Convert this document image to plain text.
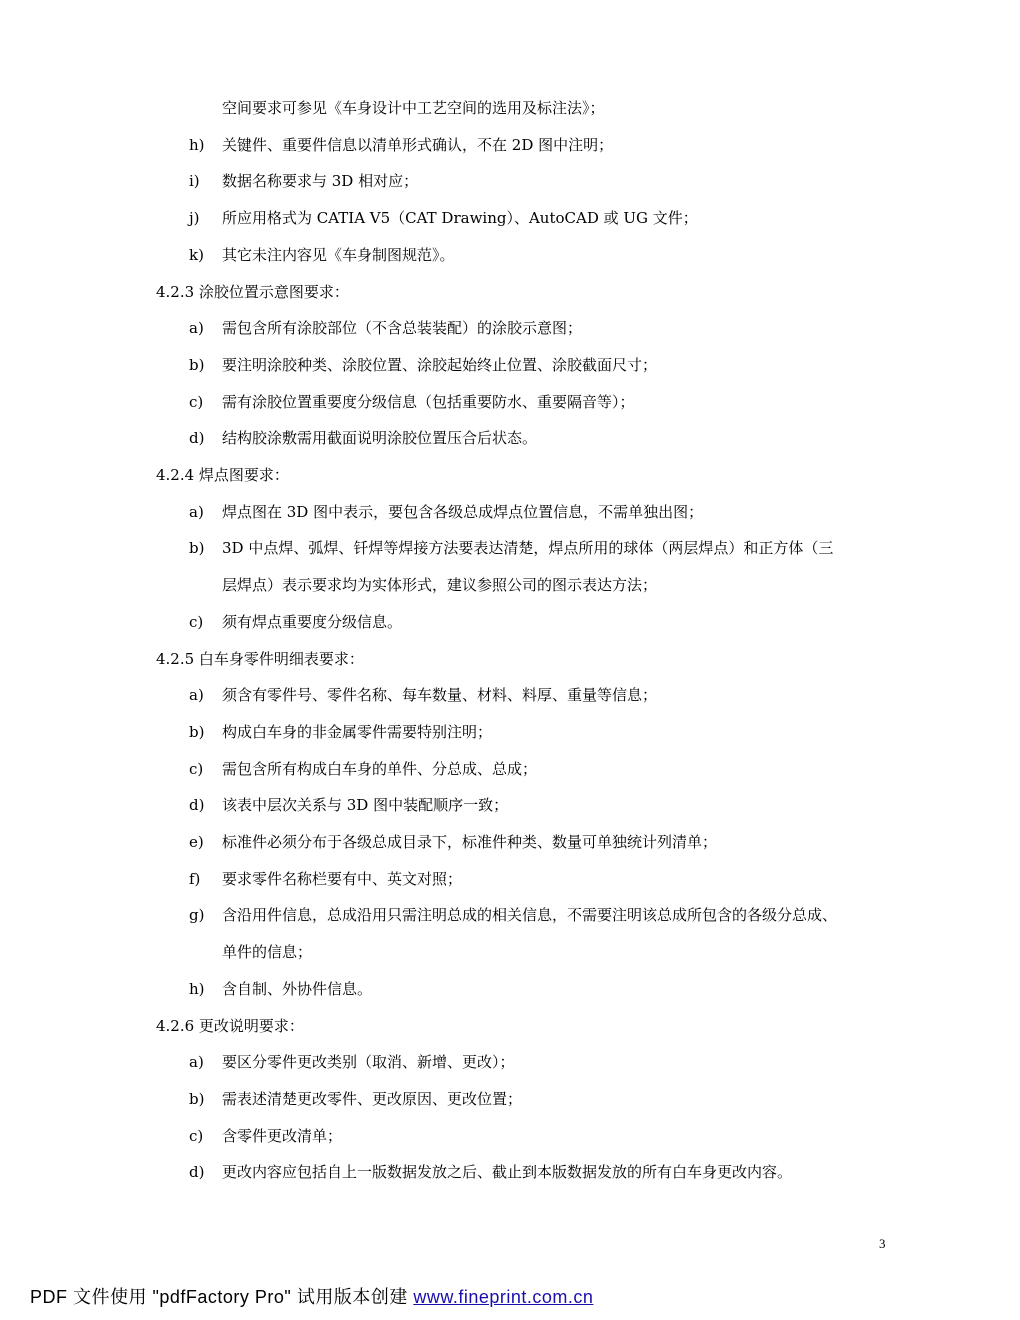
空间要求可参见《车身设计中工艺空间的选用及标注法》；
h)	关键件、重要件信息以清单形式确认，不在 2D 图中注明；
i)	数据名称要求与 3D 相对应；
j)	所应用格式为 CATIA V5（CAT Drawing）、AutoCAD 或 UG 文件；
k)	其它未注内容见《车身制图规范》。
4.2.3 涂胶位置示意图要求：
a)	需包含所有涂胶部位（不含总装装配）的涂胶示意图；
b)	要注明涂胶种类、涂胶位置、涂胶起始终止位置、涂胶截面尺寸；
c)	需有涂胶位置重要度分级信息（包括重要防水、重要隔音等）；
d)	结构胶涂敷需用截面说明涂胶位置压合后状态。
4.2.4 焊点图要求：
a)	焊点图在 3D 图中表示，要包含各级总成焊点位置信息，不需单独出图；
b)	3D 中点焊、弧焊、钎焊等焊接方法要表达清楚，焊点所用的球体（两层焊点）和正方体（三
层焊点）表示要求均为实体形式，建议参照公司的图示表达方法；
c)	须有焊点重要度分级信息。
4.2.5 白车身零件明细表要求：
a)	须含有零件号、零件名称、每车数量、材料、料厚、重量等信息；
b)	构成白车身的非金属零件需要特别注明；
c)	需包含所有构成白车身的单件、分总成、总成；
d)	该表中层次关系与 3D 图中装配顺序一致；
e)	标准件必须分布于各级总成目录下，标准件种类、数量可单独统计列清单；
f)	要求零件名称栏要有中、英文对照；
g)	含沿用件信息，总成沿用只需注明总成的相关信息，不需要注明该总成所包含的各级分总成、
单件的信息；
h)	含自制、外协件信息。
4.2.6 更改说明要求：
a)	要区分零件更改类别（取消、新增、更改）；
b)	需表述清楚更改零件、更改原因、更改位置；
c)	含零件更改清单；
d)	更改内容应包括自上一版数据发放之后、截止到本版数据发放的所有白车身更改内容。
3
PDF 文件使用 "pdfFactory Pro" 试用版本创建 www.fineprint.com.cn
